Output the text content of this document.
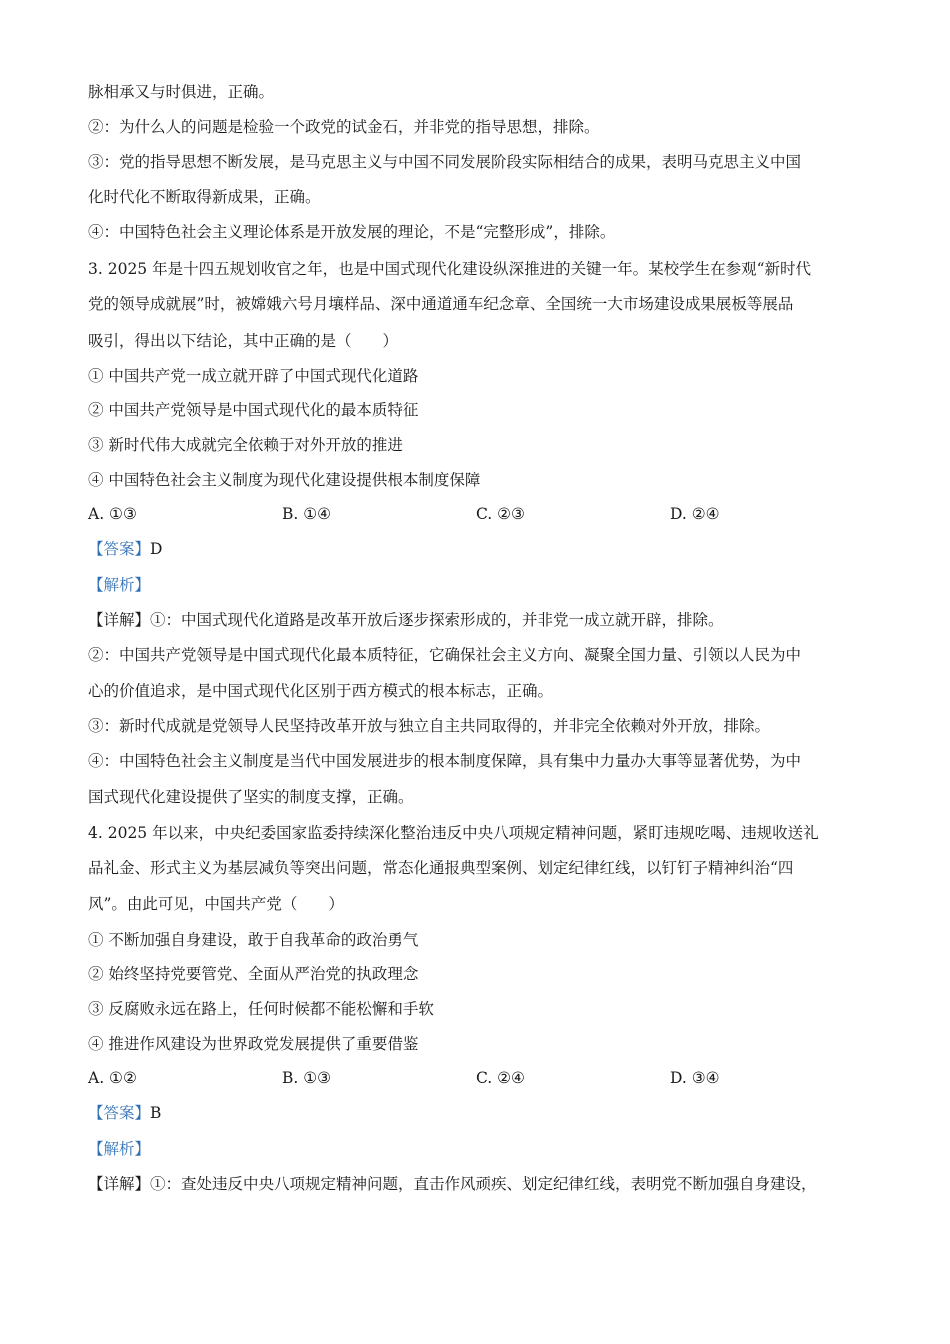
脉相承又与时俱进，正确。
②：为什么人的问题是检验一个政党的试金石，并非党的指导思想，排除。
③：党的指导思想不断发展，是马克思主义与中国不同发展阶段实际相结合的成果，表明马克思主义中国
化时代化不断取得新成果，正确。
④：中国特色社会主义理论体系是开放发展的理论，不是“完整形成”，排除。
3. 2025 年是十四五规划收官之年，也是中国式现代化建设纵深推进的关键一年。某校学生在参观“新时代
党的领导成就展”时，被嫦娥六号月壤样品、深中通道通车纪念章、全国统一大市场建设成果展板等展品
吸引，得出以下结论，其中正确的是（　　）
① 中国共产党一成立就开辟了中国式现代化道路
② 中国共产党领导是中国式现代化的最本质特征
③ 新时代伟大成就完全依赖于对外开放的推进
④ 中国特色社会主义制度为现代化建设提供根本制度保障
A. ①③	B. ①④	C. ②③	D. ②④
【答案】D
【解析】
【详解】①：中国式现代化道路是改革开放后逐步探索形成的，并非党一成立就开辟，排除。
②：中国共产党领导是中国式现代化最本质特征，它确保社会主义方向、凝聚全国力量、引领以人民为中
心的价值追求，是中国式现代化区别于西方模式的根本标志，正确。
③：新时代成就是党领导人民坚持改革开放与独立自主共同取得的，并非完全依赖对外开放，排除。
④：中国特色社会主义制度是当代中国发展进步的根本制度保障，具有集中力量办大事等显著优势，为中
国式现代化建设提供了坚实的制度支撑，正确。
4. 2025 年以来，中央纪委国家监委持续深化整治违反中央八项规定精神问题，紧盯违规吃喝、违规收送礼
品礼金、形式主义为基层减负等突出问题，常态化通报典型案例、划定纪律红线，以钉钉子精神纠治“四
风”。由此可见，中国共产党（　　）
① 不断加强自身建设，敢于自我革命的政治勇气
② 始终坚持党要管党、全面从严治党的执政理念
③ 反腐败永远在路上，任何时候都不能松懈和手软
④ 推进作风建设为世界政党发展提供了重要借鉴
A. ①②	B. ①③	C. ②④	D. ③④
【答案】B
【解析】
【详解】①：查处违反中央八项规定精神问题，直击作风顽疾、划定纪律红线，表明党不断加强自身建设，
